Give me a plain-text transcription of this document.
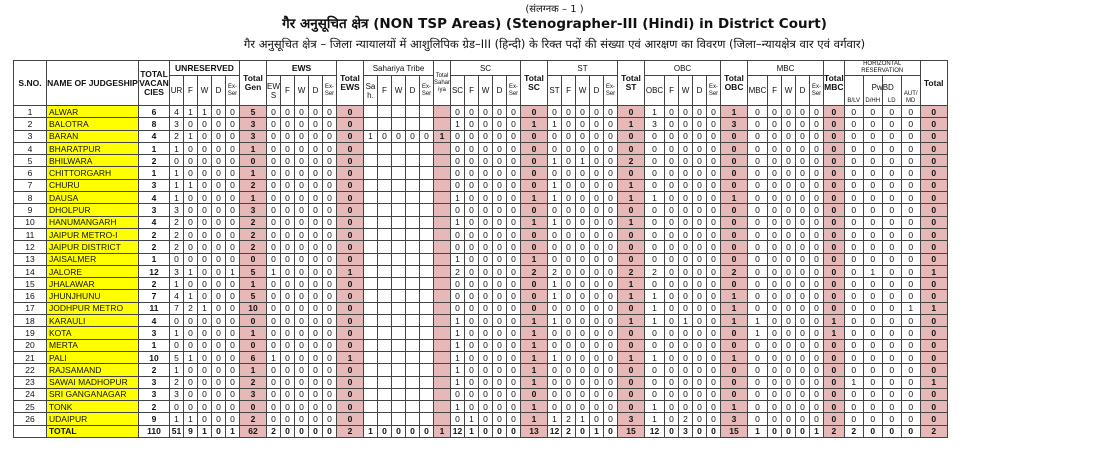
(संलग्नक – 1 )
गैर अनुसूचित क्षेत्र (NON TSP Areas) (Stenographer-III (Hindi) in District Court)
गैर अनुसूचित क्षेत्र – जिला न्यायालयों में आशुलिपिक ग्रेड–III (हिन्दी) के रिक्त पदों की संख्या एवं आरक्षण का विवरण (जिला–न्यायक्षेत्र वार एवं वर्गवार)
S.NO.	NAME OF JUDGESHIP	TOTAL VACAN CIES	UNRESERVED					Total Gen	EWS					Total EWS	Sahariya Tribe					Total Sahar iya	SC					Total SC	ST					Total ST	OBC					Total OBC	MBC					Total MBC	HORIZONTAL RESERVATION				Total
			UR	F	W	D	Ex-Ser		EW S	F	W	D	Ex-Ser		Sa h.	F	W	D	Ex-Ser		SC	F	W	D	Ex-Ser		ST	F	W	D	Ex-Ser		OBC	F	W	D	Ex-Ser		MBC	F	W	D	Ex-Ser		PwBD
B/LV	D/HH	LD	AUT/ MD	
1	ALWAR	6	4	1	1	0	0	5	0	0	0	0	0	0							0	0	0	0	0	0	0	0	0	0	0	0	1	0	0	0	0	1	0	0	0	0	0	0	0	0	0	0	0
2	BALOTRA	8	3	0	0	0	0	3	0	0	0	0	0	0							1	0	0	0	0	1	1	0	0	0	0	1	3	0	0	0	0	3	0	0	0	0	0	0	0	0	0	0	0
3	BARAN	4	2	1	0	0	0	3	0	0	0	0	0	0	1	0	0	0	0	1	0	0	0	0	0	0	0	0	0	0	0	0	0	0	0	0	0	0	0	0	0	0	0	0	0	0	0	0	0
4	BHARATPUR	1	1	0	0	0	0	1	0	0	0	0	0	0							0	0	0	0	0	0	0	0	0	0	0	0	0	0	0	0	0	0	0	0	0	0	0	0	0	0	0	0	0
5	BHILWARA	2	0	0	0	0	0	0	0	0	0	0	0	0							0	0	0	0	0	0	1	0	1	0	0	2	0	0	0	0	0	0	0	0	0	0	0	0	0	0	0	0	0
6	CHITTORGARH	1	1	0	0	0	0	1	0	0	0	0	0	0							0	0	0	0	0	0	0	0	0	0	0	0	0	0	0	0	0	0	0	0	0	0	0	0	0	0	0	0	0
7	CHURU	3	1	1	0	0	0	2	0	0	0	0	0	0							0	0	0	0	0	0	1	0	0	0	0	1	0	0	0	0	0	0	0	0	0	0	0	0	0	0	0	0	0
8	DAUSA	4	1	0	0	0	0	1	0	0	0	0	0	0							1	0	0	0	0	1	1	0	0	0	0	1	1	0	0	0	0	1	0	0	0	0	0	0	0	0	0	0	0
9	DHOLPUR	3	3	0	0	0	0	3	0	0	0	0	0	0							0	0	0	0	0	0	0	0	0	0	0	0	0	0	0	0	0	0	0	0	0	0	0	0	0	0	0	0	0
10	HANUMANGARH	4	2	0	0	0	0	2	0	0	0	0	0	0							1	0	0	0	0	1	1	0	0	0	0	1	0	0	0	0	0	0	0	0	0	0	0	0	0	0	0	0	0
11	JAIPUR METRO-I	2	2	0	0	0	0	2	0	0	0	0	0	0							0	0	0	0	0	0	0	0	0	0	0	0	0	0	0	0	0	0	0	0	0	0	0	0	0	0	0	0	0
12	JAIPUR DISTRICT	2	2	0	0	0	0	2	0	0	0	0	0	0							0	0	0	0	0	0	0	0	0	0	0	0	0	0	0	0	0	0	0	0	0	0	0	0	0	0	0	0	0
13	JAISALMER	1	0	0	0	0	0	0	0	0	0	0	0	0							1	0	0	0	0	1	0	0	0	0	0	0	0	0	0	0	0	0	0	0	0	0	0	0	0	0	0	0	0
14	JALORE	12	3	1	0	0	1	5	1	0	0	0	0	1							2	0	0	0	0	2	2	0	0	0	0	2	2	0	0	0	0	2	0	0	0	0	0	0	0	1	0	0	1
15	JHALAWAR	2	1	0	0	0	0	1	0	0	0	0	0	0							0	0	0	0	0	0	1	0	0	0	0	1	0	0	0	0	0	0	0	0	0	0	0	0	0	0	0	0	0
16	JHUNJHUNU	7	4	1	0	0	0	5	0	0	0	0	0	0							0	0	0	0	0	0	1	0	0	0	0	1	1	0	0	0	0	1	0	0	0	0	0	0	0	0	0	0	0
17	JODHPUR METRO	11	7	2	1	0	0	10	0	0	0	0	0	0							0	0	0	0	0	0	0	0	0	0	0	0	1	0	0	0	0	1	0	0	0	0	0	0	0	0	0	1	1
18	KARAULI	4	0	0	0	0	0	0	0	0	0	0	0	0							1	0	0	0	0	1	1	0	0	0	0	1	1	0	1	0	0	1	1	0	0	0	0	1	0	0	0	0	0
19	KOTA	3	1	0	0	0	0	1	0	0	0	0	0	0							1	0	0	0	0	1	0	0	0	0	0	0	0	0	0	0	0	0	1	0	0	0	0	1	0	0	0	0	0
20	MERTA	1	0	0	0	0	0	0	0	0	0	0	0	0							1	0	0	0	0	1	0	0	0	0	0	0	0	0	0	0	0	0	0	0	0	0	0	0	0	0	0	0	0
21	PALI	10	5	1	0	0	0	6	1	0	0	0	0	1							1	0	0	0	0	1	1	0	0	0	0	1	1	0	0	0	0	1	0	0	0	0	0	0	0	0	0	0	0
22	RAJSAMAND	2	1	0	0	0	0	1	0	0	0	0	0	0							1	0	0	0	0	1	0	0	0	0	0	0	0	0	0	0	0	0	0	0	0	0	0	0	0	0	0	0	0
23	SAWAI MADHOPUR	3	2	0	0	0	0	2	0	0	0	0	0	0							1	0	0	0	0	1	0	0	0	0	0	0	0	0	0	0	0	0	0	0	0	0	0	0	1	0	0	0	1
24	SRI GANGANAGAR	3	3	0	0	0	0	3	0	0	0	0	0	0							0	0	0	0	0	0	0	0	0	0	0	0	0	0	0	0	0	0	0	0	0	0	0	0	0	0	0	0	0
25	TONK	2	0	0	0	0	0	0	0	0	0	0	0	0							1	0	0	0	0	1	0	0	0	0	0	0	1	0	0	0	0	1	0	0	0	0	0	0	0	0	0	0	0
26	UDAIPUR	9	1	1	0	0	0	2	0	0	0	0	0	0							0	1	0	0	0	1	1	2	1	0	0	3	1	0	2	0	0	3	0	0	0	0	0	0	0	0	0	0	0
	TOTAL	110	51	9	1	0	1	62	2	0	0	0	0	2	1	0	0	0	0	1	12	1	0	0	0	13	12	2	0	1	0	15	12	0	3	0	0	15	1	0	0	0	1	2	2	0	0	0	2
